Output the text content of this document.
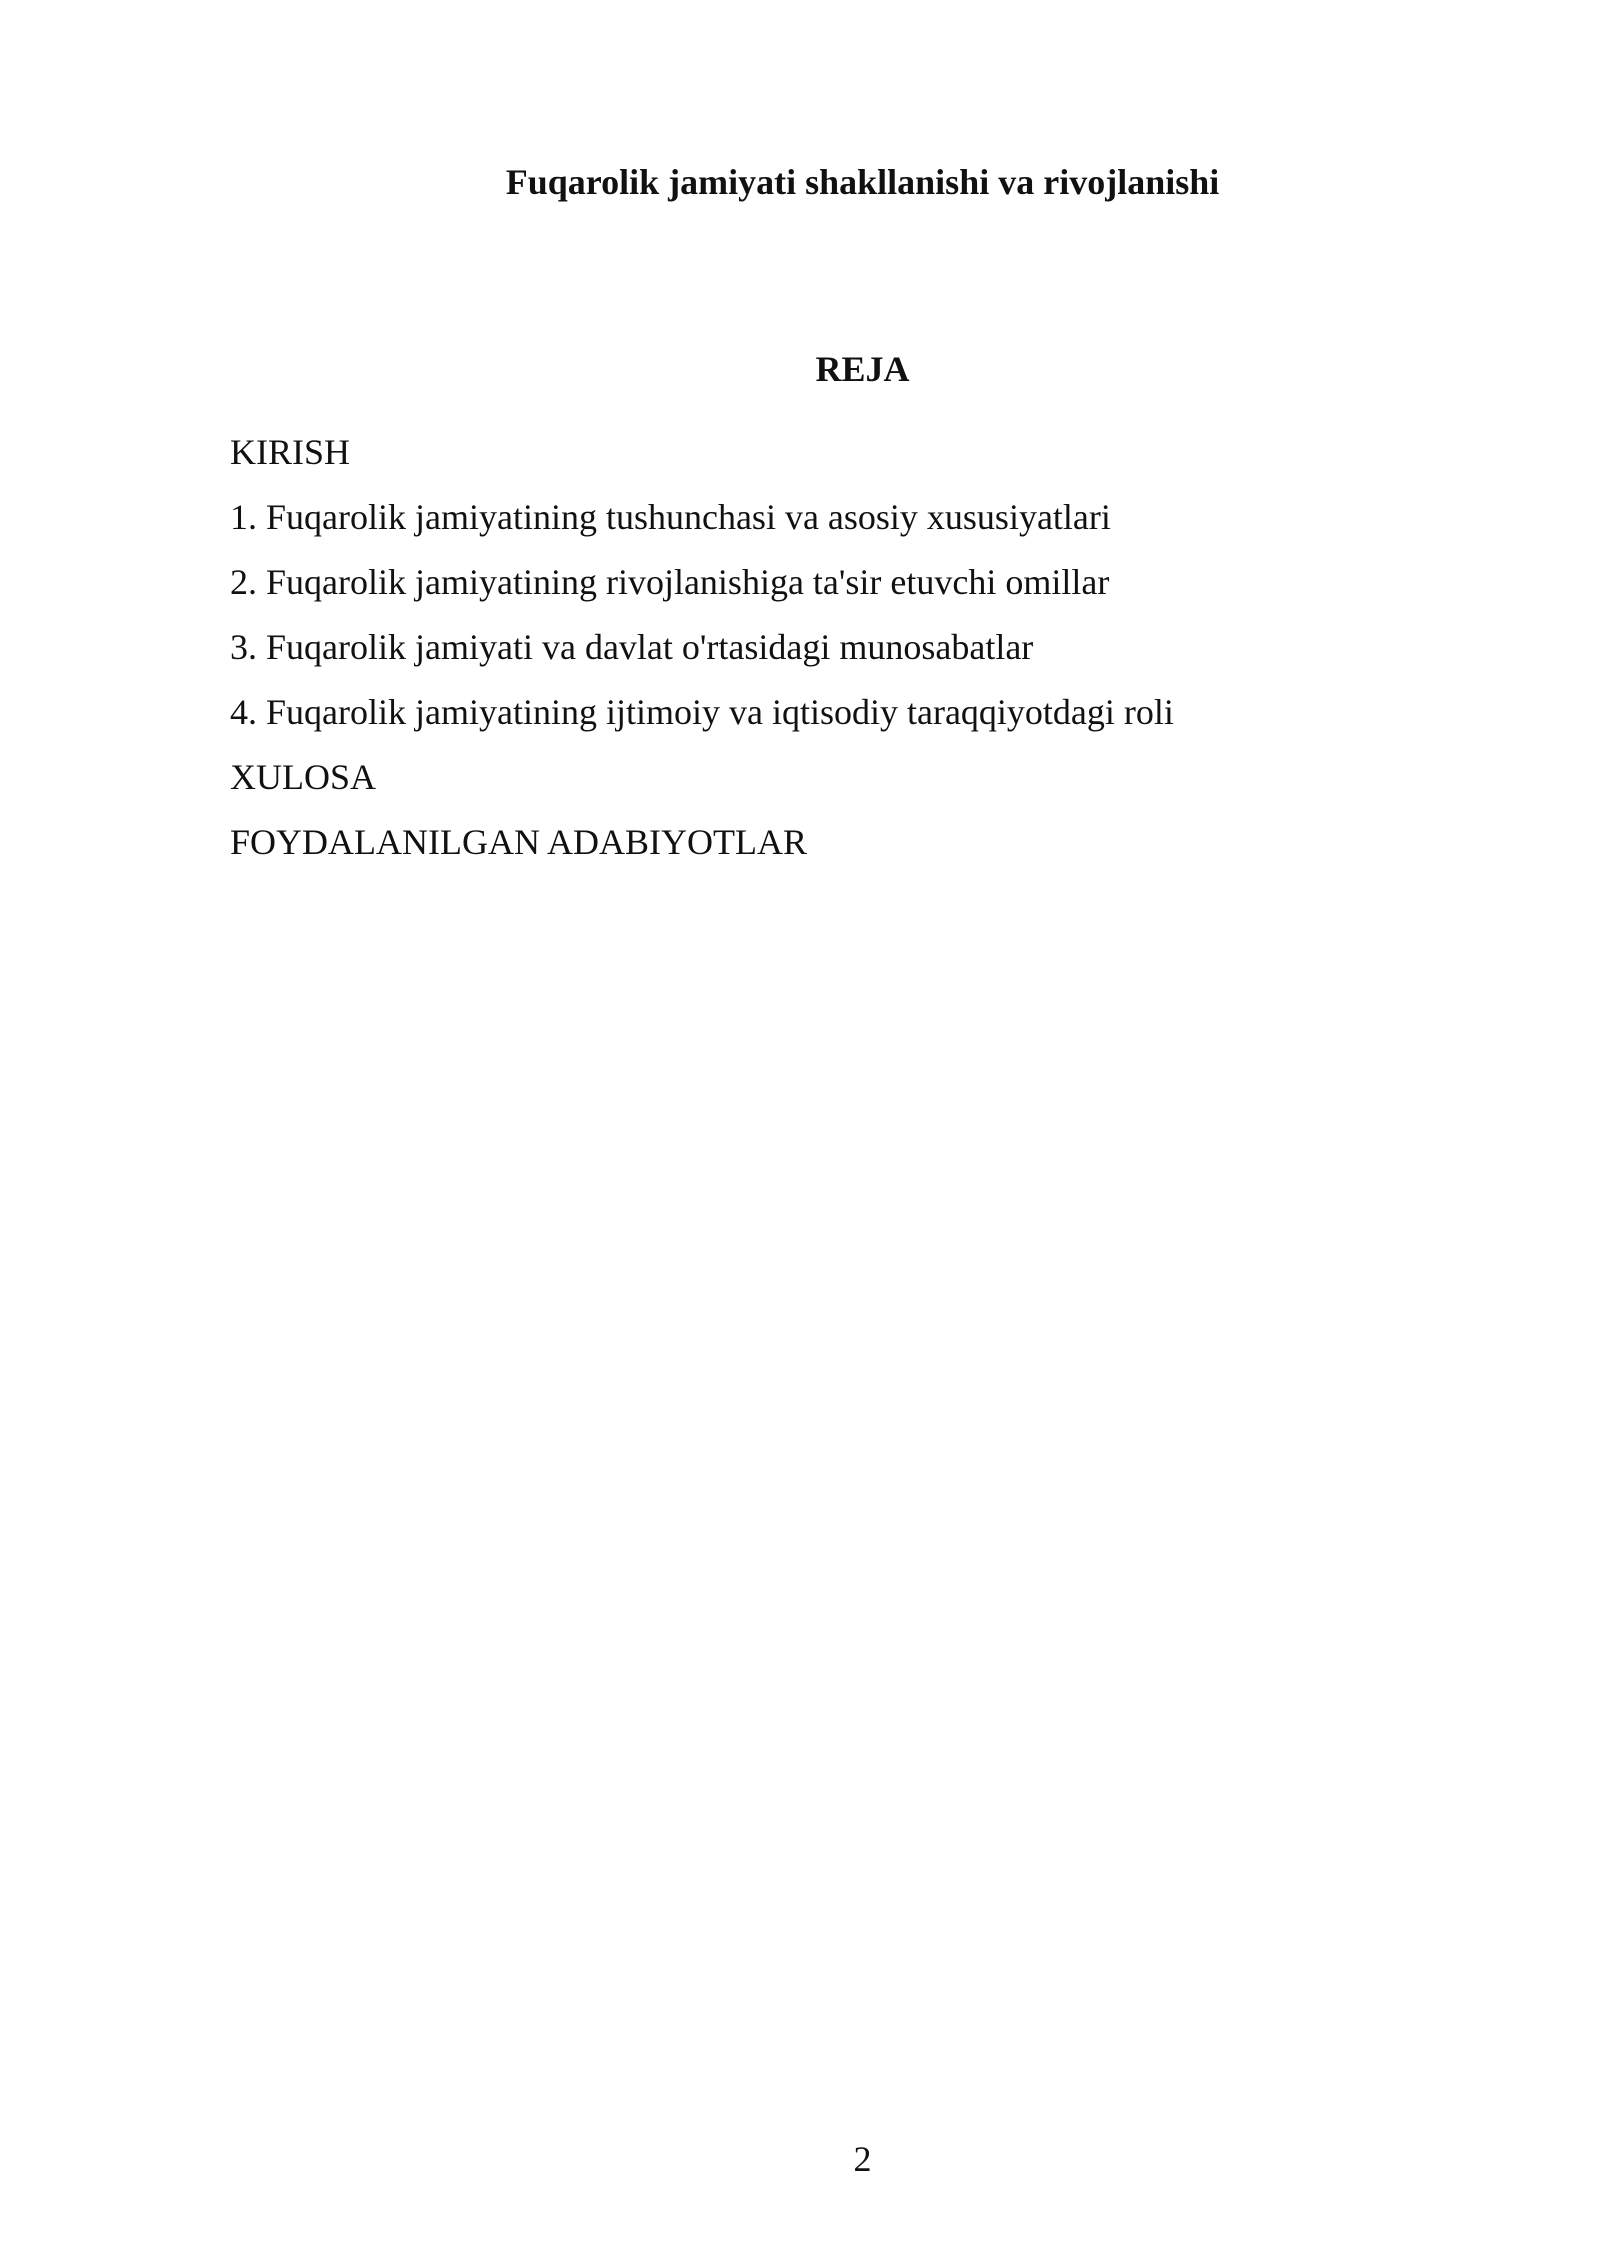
Fuqarolik jamiyati shakllanishi va rivojlanishi
REJA
KIRISH
1. Fuqarolik jamiyatining tushunchasi va asosiy xususiyatlari
2. Fuqarolik jamiyatining rivojlanishiga ta'sir etuvchi omillar
3. Fuqarolik jamiyati va davlat o'rtasidagi munosabatlar
4. Fuqarolik jamiyatining ijtimoiy va iqtisodiy taraqqiyotdagi roli
XULOSA
FOYDALANILGAN ADABIYOTLAR
2
